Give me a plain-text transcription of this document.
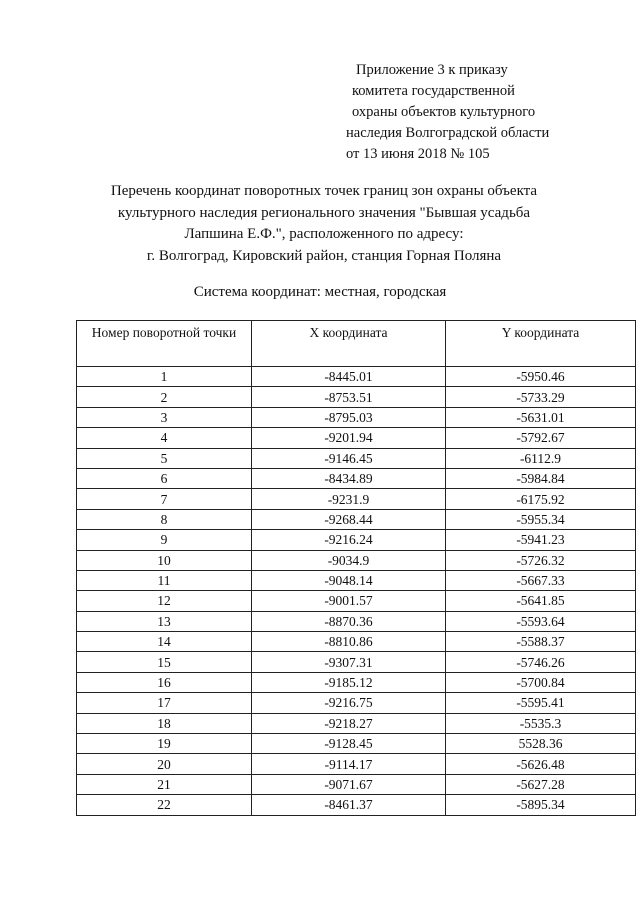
Приложение 3 к приказу
комитета государственной
охраны объектов культурного
наследия Волгоградской области
от 13 июня 2018 № 105
Перечень координат поворотных точек границ зон охраны объекта
культурного наследия регионального значения "Бывшая усадьба
Лапшина Е.Ф.", расположенного по адресу:
г. Волгоград, Кировский район, станция Горная Поляна
Система координат: местная, городская
Номер поворотной точки	X координата	Y координата
1	-8445.01	-5950.46
2	-8753.51	-5733.29
3	-8795.03	-5631.01
4	-9201.94	-5792.67
5	-9146.45	-6112.9
6	-8434.89	-5984.84
7	-9231.9	-6175.92
8	-9268.44	-5955.34
9	-9216.24	-5941.23
10	-9034.9	-5726.32
11	-9048.14	-5667.33
12	-9001.57	-5641.85
13	-8870.36	-5593.64
14	-8810.86	-5588.37
15	-9307.31	-5746.26
16	-9185.12	-5700.84
17	-9216.75	-5595.41
18	-9218.27	-5535.3
19	-9128.45	5528.36
20	-9114.17	-5626.48
21	-9071.67	-5627.28
22	-8461.37	-5895.34
